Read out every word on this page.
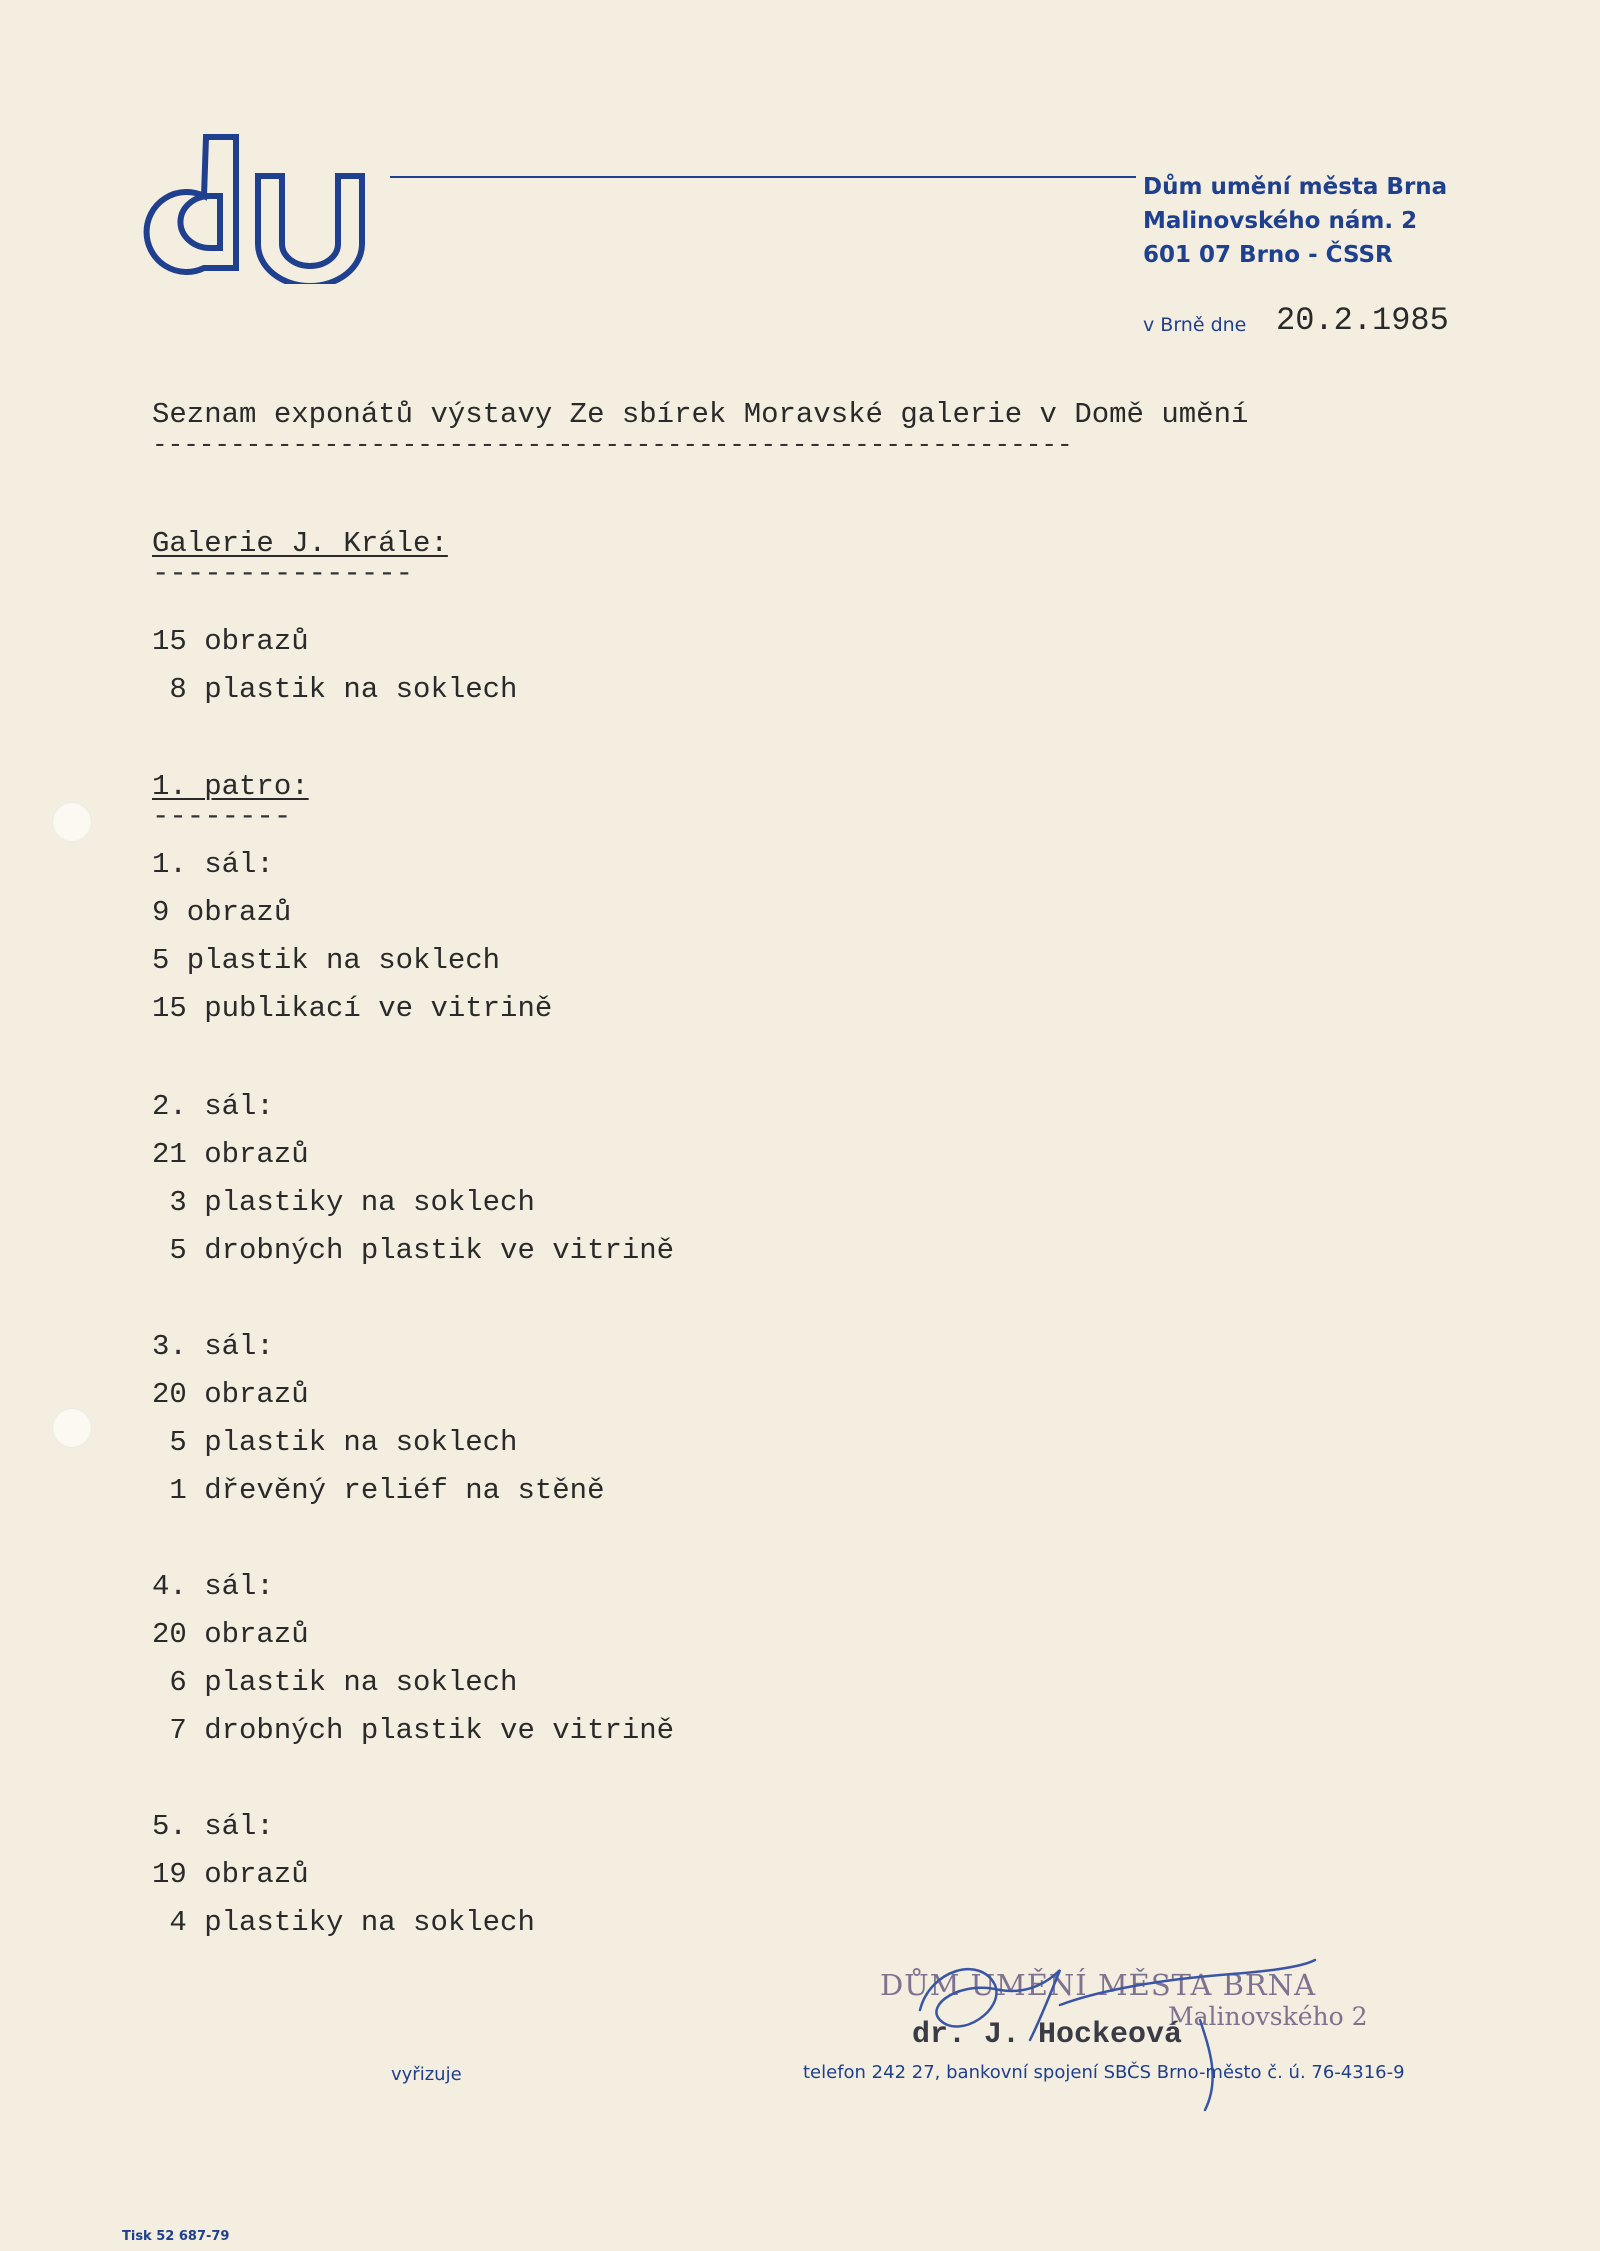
Dům umění města Brna
Malinovského nám. 2
601 07 Brno - ČSSR
v Brně dne 20.2.1985
Seznam exponátů výstavy Ze sbírek Moravské galerie v Domě umění
-----------------------------------------------------------
Galerie J. Krále:
---------------
15 obrazů
8 plastik na soklech
1. patro:
--------
1. sál:
9 obrazů
5 plastik na soklech
15 publikací ve vitrině
2. sál:
21 obrazů
3 plastiky na soklech
5 drobných plastik ve vitrině
3. sál:
20 obrazů
5 plastik na soklech
1 dřevěný reliéf na stěně
4. sál:
20 obrazů
6 plastik na soklech
7 drobných plastik ve vitrině
5. sál:
19 obrazů
4 plastiky na soklech
DŮM UMĚNÍ MĚSTA BRNA
Malinovského 2
dr. J. Hockeová
vyřizuje	telefon 242 27, bankovní spojení SBČS Brno-město č. ú. 76-4316-9
Tisk 52 687-79
